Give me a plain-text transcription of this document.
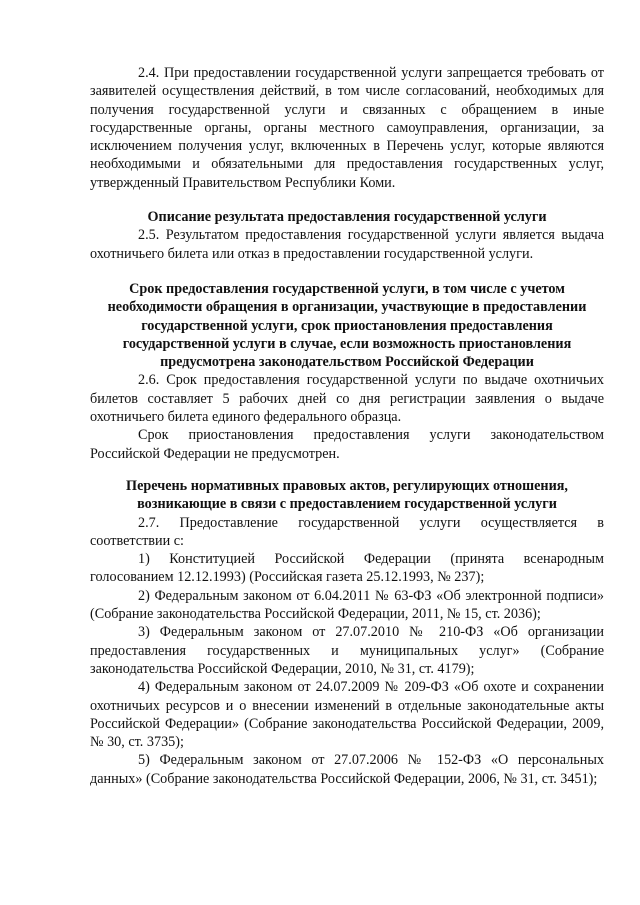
2.4. При предоставлении государственной услуги запрещается требовать от заявителей осуществления действий, в том числе согласований, необходимых для получения государственной услуги и связанных с обращением в иные государственные органы, органы местного самоуправления, организации, за исключением получения услуг, включенных в Перечень услуг, которые являются необходимыми и обязательными для предоставления государственных услуг, утвержденный Правительством Республики Коми.

Описание результата предоставления государственной услуги

2.5. Результатом предоставления государственной услуги является выдача охотничьего билета или отказ в предоставлении государственной услуги.

Срок предоставления государственной услуги, в том числе с учетом необходимости обращения в организации, участвующие в предоставлении государственной услуги, срок приостановления предоставления государственной услуги в случае, если возможность приостановления предусмотрена законодательством Российской Федерации

2.6. Срок предоставления государственной услуги по выдаче охотничьих билетов составляет 5 рабочих дней со дня регистрации заявления о выдаче охотничьего билета единого федерального образца.

Срок приостановления предоставления услуги законодательством Российской Федерации не предусмотрен.

Перечень нормативных правовых актов, регулирующих отношения, возникающие в связи с предоставлением государственной услуги

2.7. Предоставление государственной услуги осуществляется в соответствии с:

1) Конституцией Российской Федерации (принята всенародным голосованием 12.12.1993) (Российская газета 25.12.1993, № 237);

2) Федеральным законом от 6.04.2011 № 63-ФЗ «Об электронной подписи» (Собрание законодательства Российской Федерации, 2011, № 15, ст. 2036);

3) Федеральным законом от 27.07.2010 № 210-ФЗ «Об организации предоставления государственных и муниципальных услуг» (Собрание законодательства Российской Федерации, 2010, № 31, ст. 4179);

4) Федеральным законом от 24.07.2009 № 209-ФЗ «Об охоте и сохранении охотничьих ресурсов и о внесении изменений в отдельные законодательные акты Российской Федерации» (Собрание законодательства Российской Федерации, 2009, № 30, ст. 3735);

5) Федеральным законом от 27.07.2006 № 152-ФЗ «О персональных данных» (Собрание законодательства Российской Федерации, 2006, № 31, ст. 3451);
